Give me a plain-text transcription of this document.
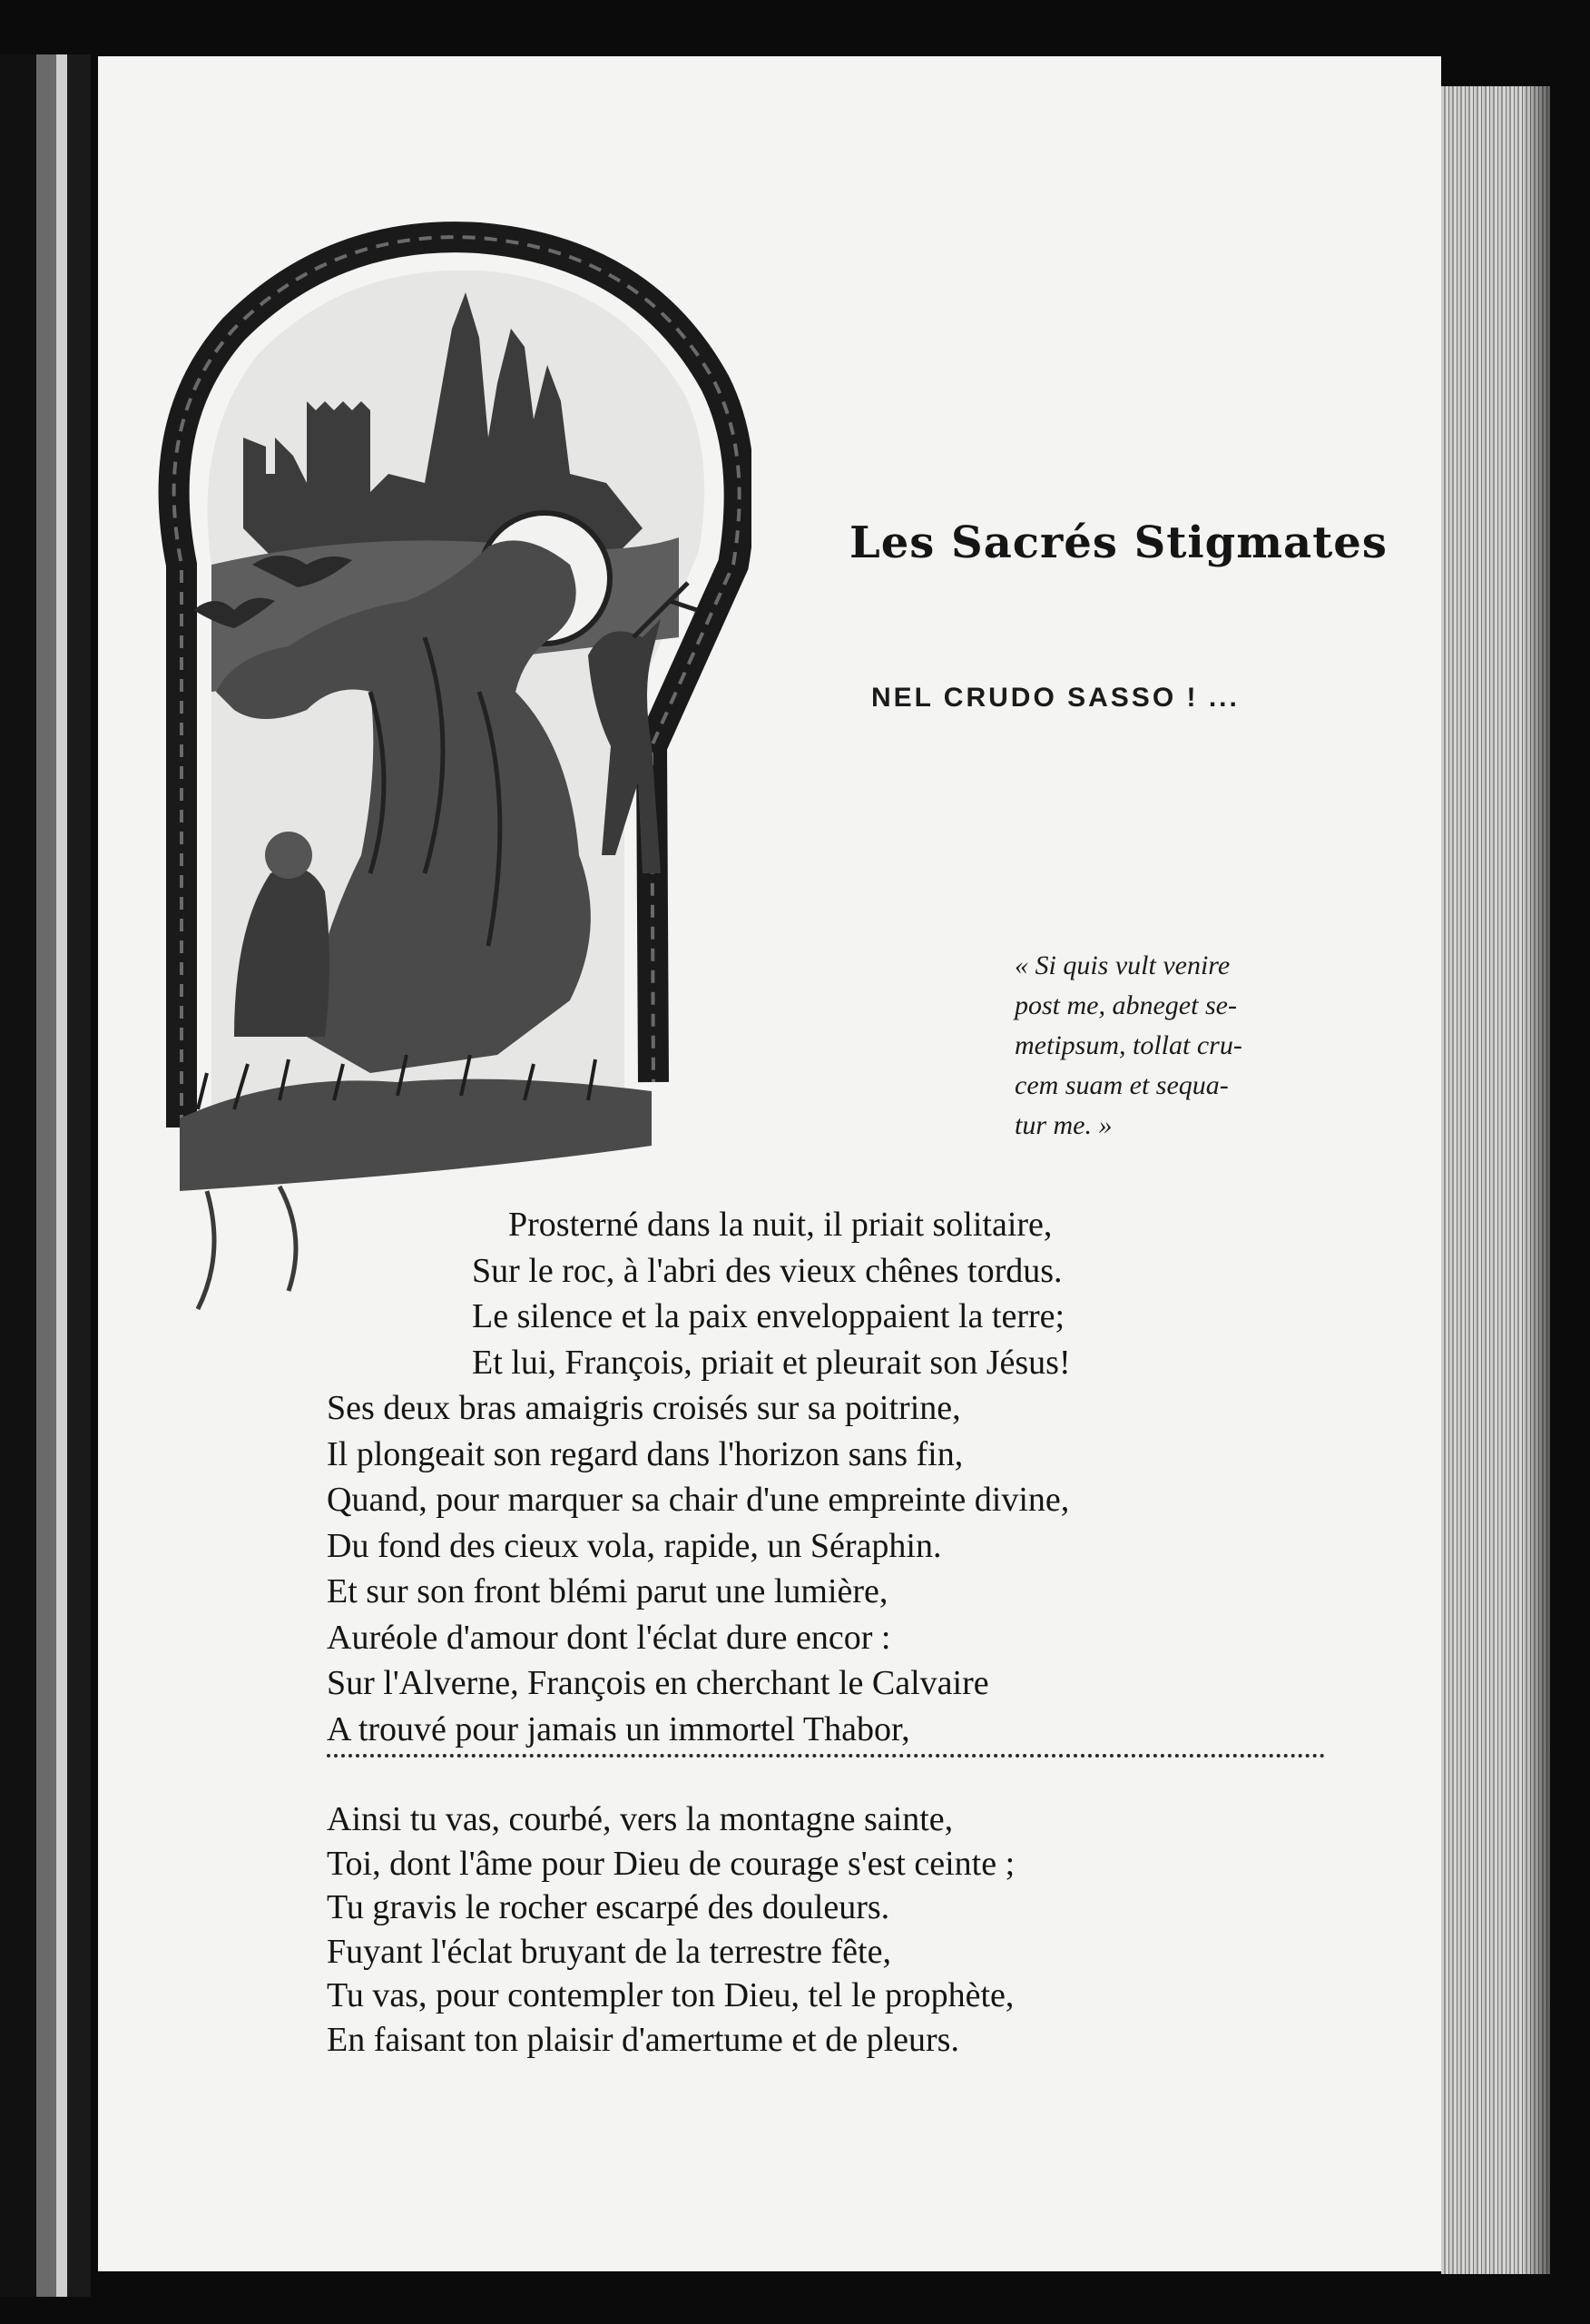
Les Sacrés Stigmates
NEL CRUDO SASSO ! ...
« Si quis vult venire
post me, abneget se-
metipsum, tollat cru-
cem suam et sequa-
tur me. »
Prosterné dans la nuit, il priait solitaire,
Sur le roc, à l'abri des vieux chênes tordus.
Le silence et la paix enveloppaient la terre;
Et lui, François, priait et pleurait son Jésus!
Ses deux bras amaigris croisés sur sa poitrine,
Il plongeait son regard dans l'horizon sans fin,
Quand, pour marquer sa chair d'une empreinte divine,
Du fond des cieux vola, rapide, un Séraphin.
Et sur son front blémi parut une lumière,
Auréole d'amour dont l'éclat dure encor :
Sur l'Alverne, François en cherchant le Calvaire
A trouvé pour jamais un immortel Thabor,
Ainsi tu vas, courbé, vers la montagne sainte,
Toi, dont l'âme pour Dieu de courage s'est ceinte ;
Tu gravis le rocher escarpé des douleurs.
Fuyant l'éclat bruyant de la terrestre fête,
Tu vas, pour contempler ton Dieu, tel le prophète,
En faisant ton plaisir d'amertume et de pleurs.
